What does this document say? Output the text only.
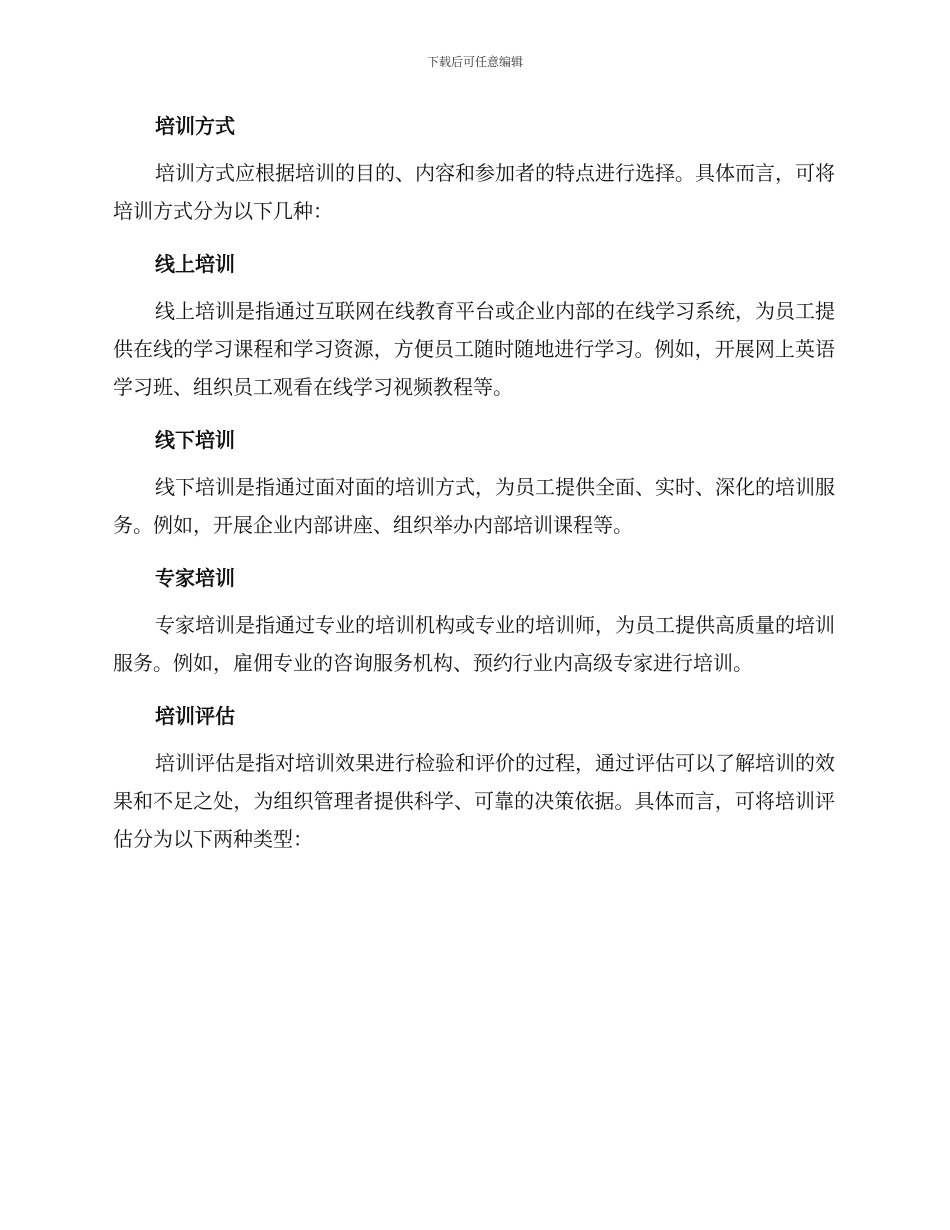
下载后可任意编辑
培训方式

培训方式应根据培训的目的、内容和参加者的特点进行选择。具体而言，可将培训方式分为以下几种：

线上培训

线上培训是指通过互联网在线教育平台或企业内部的在线学习系统，为员工提供在线的学习课程和学习资源，方便员工随时随地进行学习。例如，开展网上英语学习班、组织员工观看在线学习视频教程等。

线下培训

线下培训是指通过面对面的培训方式，为员工提供全面、实时、深化的培训服务。例如，开展企业内部讲座、组织举办内部培训课程等。

专家培训

专家培训是指通过专业的培训机构或专业的培训师，为员工提供高质量的培训服务。例如，雇佣专业的咨询服务机构、预约行业内高级专家进行培训。

培训评估

培训评估是指对培训效果进行检验和评价的过程，通过评估可以了解培训的效果和不足之处，为组织管理者提供科学、可靠的决策依据。具体而言，可将培训评估分为以下两种类型：
